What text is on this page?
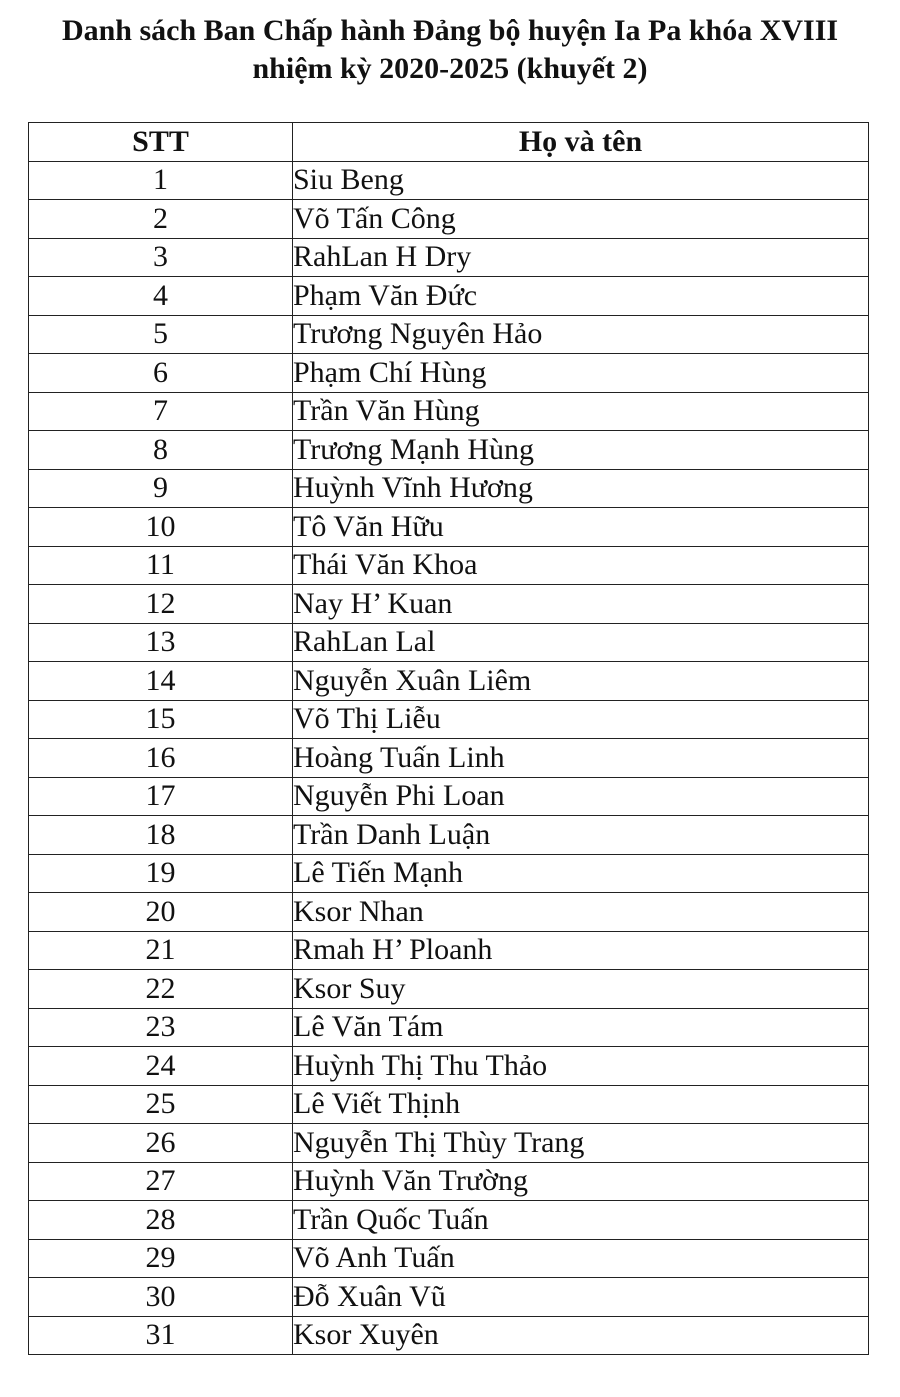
Danh sách Ban Chấp hành Đảng bộ huyện Ia Pa khóa XVIII
nhiệm kỳ 2020-2025 (khuyết 2)
STT	Họ và tên
1	Siu Beng
2	Võ Tấn Công
3	RahLan H Dry
4	Phạm Văn Đức
5	Trương Nguyên Hảo
6	Phạm Chí Hùng
7	Trần Văn Hùng
8	Trương Mạnh Hùng
9	Huỳnh Vĩnh Hương
10	Tô Văn Hữu
11	Thái Văn Khoa
12	Nay H’ Kuan
13	RahLan Lal
14	Nguyễn Xuân Liêm
15	Võ Thị Liễu
16	Hoàng Tuấn Linh
17	Nguyễn Phi Loan
18	Trần Danh Luận
19	Lê Tiến Mạnh
20	Ksor Nhan
21	Rmah H’ Ploanh
22	Ksor Suy
23	Lê Văn Tám
24	Huỳnh Thị Thu Thảo
25	Lê Viết Thịnh
26	Nguyễn Thị Thùy Trang
27	Huỳnh Văn Trường
28	Trần Quốc Tuấn
29	Võ Anh Tuấn
30	Đỗ Xuân Vũ
31	Ksor Xuyên
